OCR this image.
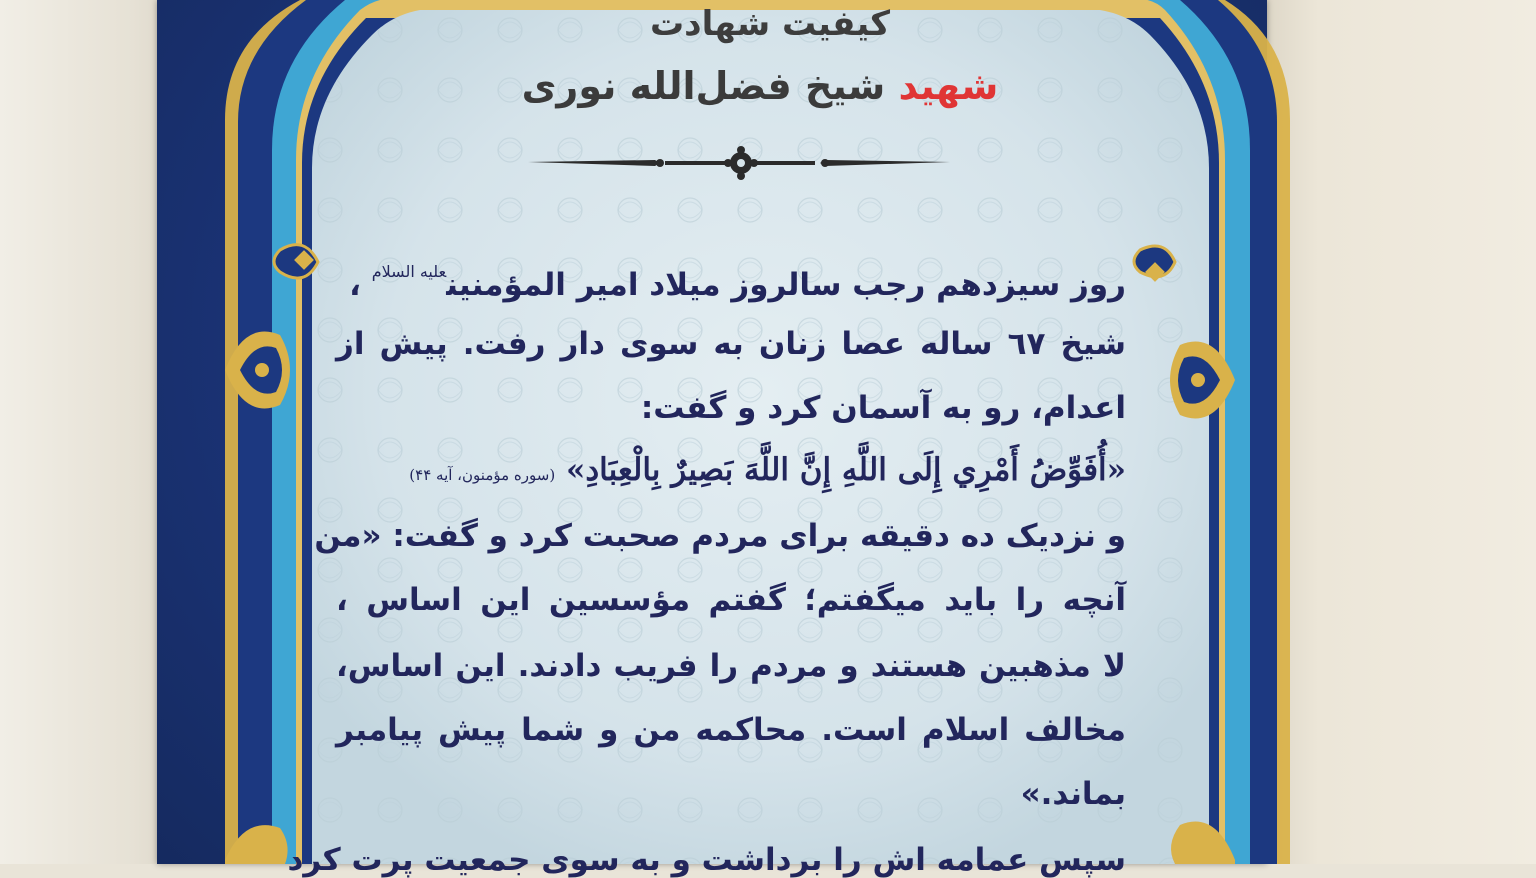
کیفیت شهادت
شهید شیخ فضل‌الله نوری
روز سیزدهم رجب سالروز میلاد امیر المؤمنین$^{علیه السلام}$ ،
شیخ ٦٧ ساله عصا زنان به سوی دار رفت. پیش از
اعدام، رو به آسمان کرد و گفت:
«أُفَوِّضُ أَمْرِي إِلَى اللَّهِ إِنَّ اللَّهَ بَصِيرٌ بِالْعِبَادِ» (سوره مؤمنون، آیه ۴۴)
و نزدیک ده دقیقه برای مردم صحبت کرد و گفت: «من
آنچه را باید میگفتم؛ گفتم مؤسسین این اساس ،
لا مذهبین هستند و مردم را فریب دادند. این اساس،
مخالف اسلام است. محاکمه من و شما پیش پیامبر
بماند.»
سپس عمامه اش را برداشت و به سوی جمعیت پرت کرد
